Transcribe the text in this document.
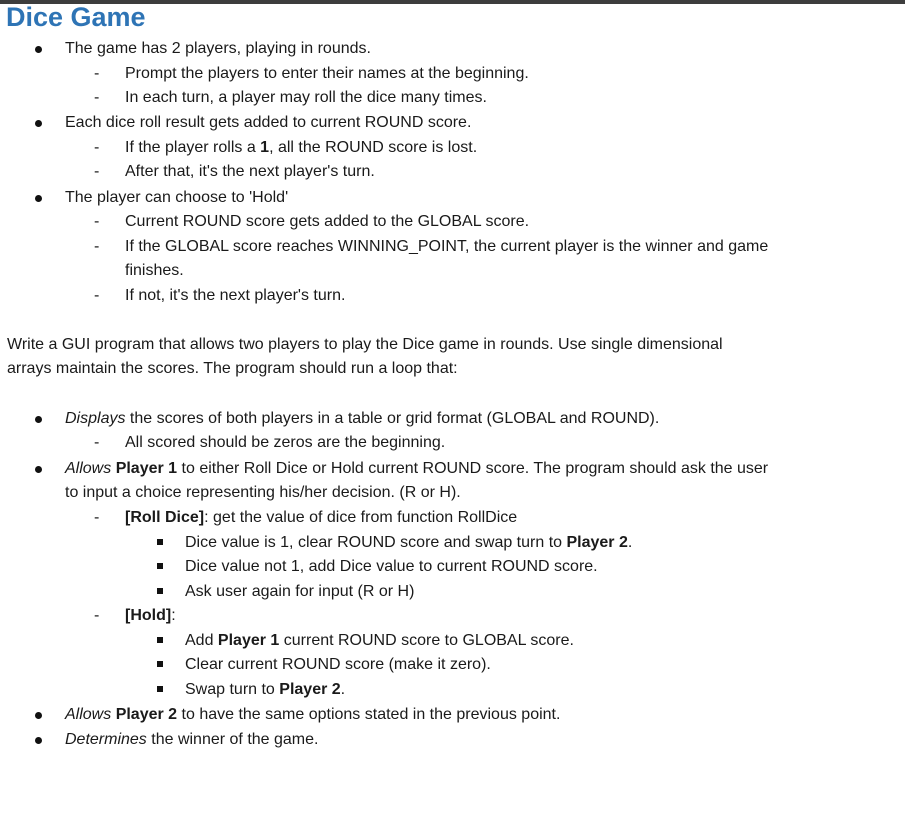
Dice Game
The game has 2 players, playing in rounds.
- Prompt the players to enter their names at the beginning.
- In each turn, a player may roll the dice many times.
Each dice roll result gets added to current ROUND score.
- If the player rolls a 1, all the ROUND score is lost.
- After that, it's the next player's turn.
The player can choose to 'Hold'
- Current ROUND score gets added to the GLOBAL score.
- If the GLOBAL score reaches WINNING_POINT, the current player is the winner and game
finishes.
- If not, it's the next player's turn.
Write a GUI program that allows two players to play the Dice game in rounds. Use single dimensional
arrays maintain the scores. The program should run a loop that:
Displays the scores of both players in a table or grid format (GLOBAL and ROUND).
- All scored should be zeros are the beginning.
Allows Player 1 to either Roll Dice or Hold current ROUND score. The program should ask the user
to input a choice representing his/her decision. (R or H).
- [Roll Dice]: get the value of dice from function RollDice
Dice value is 1, clear ROUND score and swap turn to Player 2.
Dice value not 1, add Dice value to current ROUND score.
Ask user again for input (R or H)
- [Hold]:
Add Player 1 current ROUND score to GLOBAL score.
Clear current ROUND score (make it zero).
Swap turn to Player 2.
Allows Player 2 to have the same options stated in the previous point.
Determines the winner of the game.
